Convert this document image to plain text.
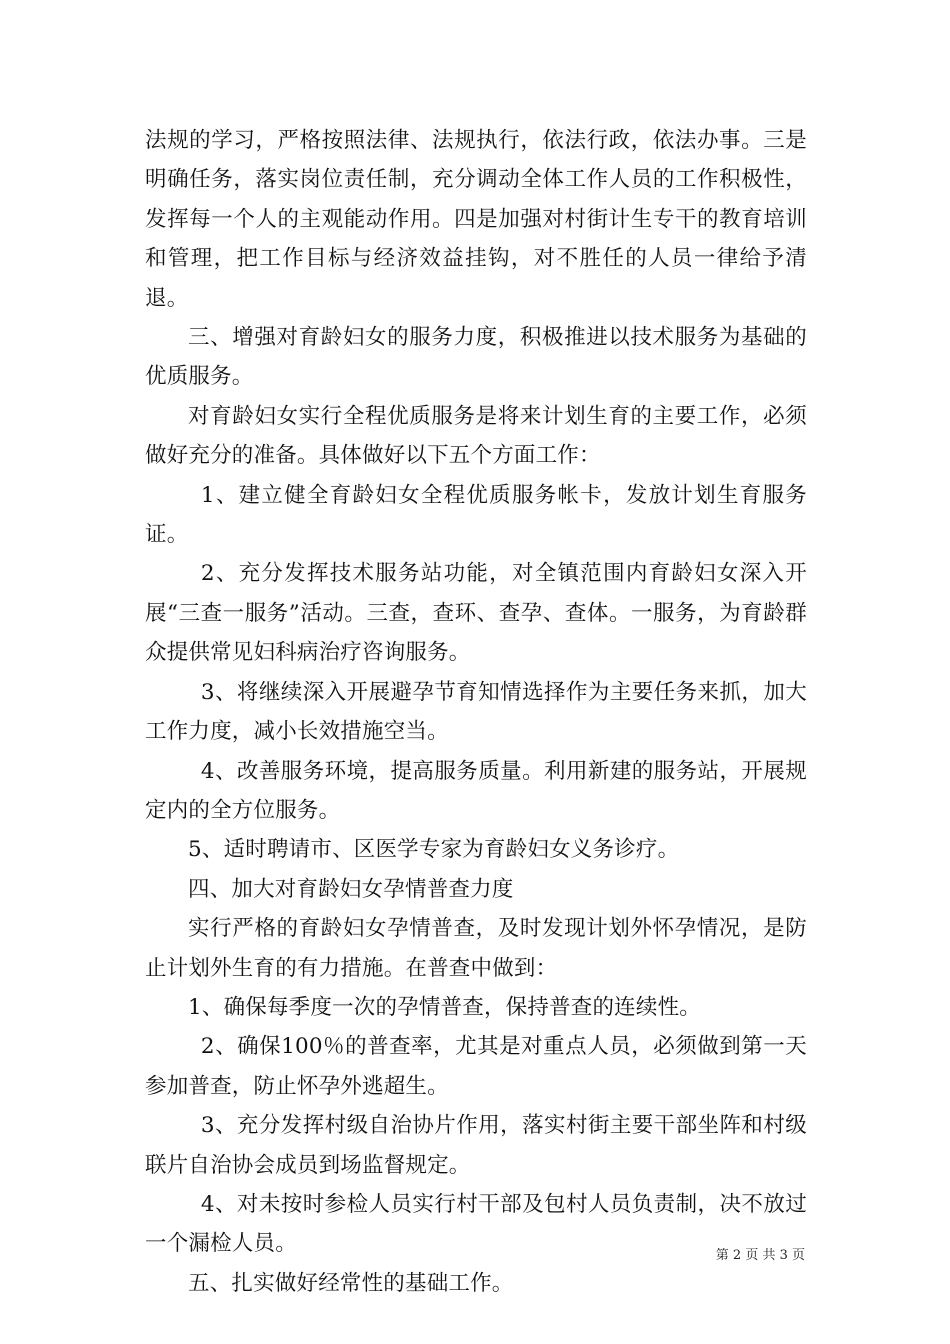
法规的学习，严格按照法律、法规执行，依法行政，依法办事。三是明确任务，落实岗位责任制，充分调动全体工作人员的工作积极性，发挥每一个人的主观能动作用。四是加强对村街计生专干的教育培训和管理，把工作目标与经济效益挂钩，对不胜任的人员一律给予清退。

三、增强对育龄妇女的服务力度，积极推进以技术服务为基础的优质服务。

对育龄妇女实行全程优质服务是将来计划生育的主要工作，必须做好充分的准备。具体做好以下五个方面工作：

1、建立健全育龄妇女全程优质服务帐卡，发放计划生育服务证。

2、充分发挥技术服务站功能，对全镇范围内育龄妇女深入开展“三查一服务”活动。三查，查环、查孕、查体。一服务，为育龄群众提供常见妇科病治疗咨询服务。

3、将继续深入开展避孕节育知情选择作为主要任务来抓，加大工作力度，减小长效措施空当。

4、改善服务环境，提高服务质量。利用新建的服务站，开展规定内的全方位服务。

5、适时聘请市、区医学专家为育龄妇女义务诊疗。

四、加大对育龄妇女孕情普查力度

实行严格的育龄妇女孕情普查，及时发现计划外怀孕情况，是防止计划外生育的有力措施。在普查中做到：

1、确保每季度一次的孕情普查，保持普查的连续性。

2、确保100％的普查率，尤其是对重点人员，必须做到第一天参加普查，防止怀孕外逃超生。

3、充分发挥村级自治协片作用，落实村街主要干部坐阵和村级联片自治协会成员到场监督规定。

4、对未按时参检人员实行村干部及包村人员负责制，决不放过一个漏检人员。

五、扎实做好经常性的基础工作。

第 2 页 共 3 页
